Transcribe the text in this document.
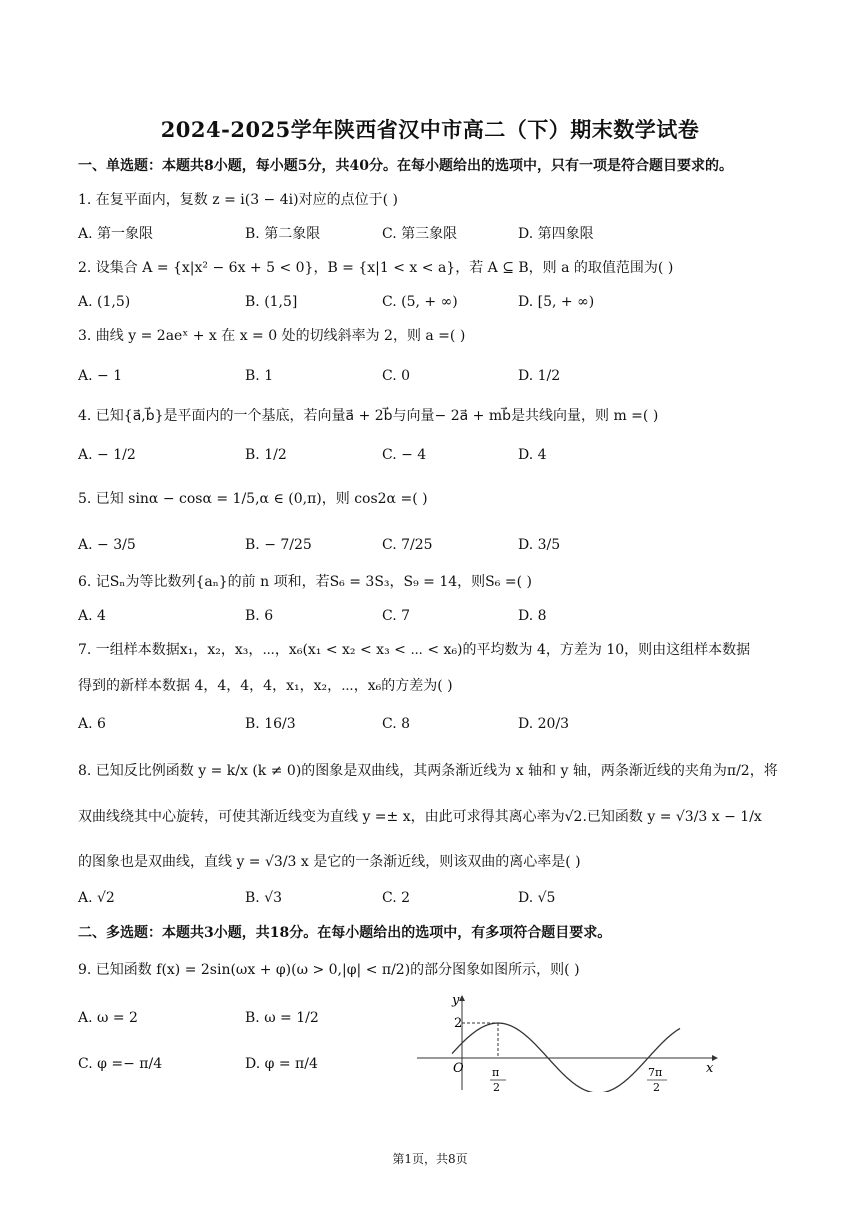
2024-2025学年陕西省汉中市高二（下）期末数学试卷
一、单选题：本题共8小题，每小题5分，共40分。在每小题给出的选项中，只有一项是符合题目要求的。
1. 在复平面内，复数 z = i(3 − 4i)对应的点位于( )
A. 第一象限	B. 第二象限	C. 第三象限	D. 第四象限
2. 设集合 A = {x|x² − 6x + 5 < 0}，B = {x|1 < x < a}，若 A ⊆ B，则 a 的取值范围为( )
A. (1,5)	B. (1,5]	C. (5, + ∞)	D. [5, + ∞)
3. 曲线 y = 2aeˣ + x 在 x = 0 处的切线斜率为 2，则 a =( )
A. − 1	B. 1	C. 0	D. 1/2
4. 已知{a⃗,b⃗}是平面内的一个基底，若向量a⃗ + 2b⃗与向量− 2a⃗ + mb⃗是共线向量，则 m =( )
A. − 1/2	B. 1/2	C. − 4	D. 4
5. 已知 sinα − cosα = 1/5,α ∈ (0,π)，则 cos2α =( )
A. − 3/5	B. − 7/25	C. 7/25	D. 3/5
6. 记Sₙ为等比数列{aₙ}的前 n 项和，若S₆ = 3S₃，S₉ = 14，则S₆ =( )
A. 4	B. 6	C. 7	D. 8
7. 一组样本数据x₁，x₂，x₃，⋯，x₆(x₁ < x₂ < x₃ < ⋯ < x₆)的平均数为 4，方差为 10，则由这组样本数据
得到的新样本数据 4，4，4，4，x₁，x₂，⋯，x₆的方差为( )
A. 6	B. 16/3	C. 8	D. 20/3
8. 已知反比例函数 y = k/x (k ≠ 0)的图象是双曲线，其两条渐近线为 x 轴和 y 轴，两条渐近线的夹角为π/2，将
双曲线绕其中心旋转，可使其渐近线变为直线 y =± x，由此可求得其离心率为√2.已知函数 y = √3/3 x − 1/x
的图象也是双曲线，直线 y = √3/3 x 是它的一条渐近线，则该双曲的离心率是( )
A. √2	B. √3	C. 2	D. √5
二、多选题：本题共3小题，共18分。在每小题给出的选项中，有多项符合题目要求。
9. 已知函数 f(x) = 2sin(ωx + φ)(ω > 0,|φ| < π/2)的部分图象如图所示，则( )
A. ω = 2	B. ω = 1/2
C. φ =− π/4	D. φ = π/4
y
x
O
2
π
2
7π
2
第1页，共8页
